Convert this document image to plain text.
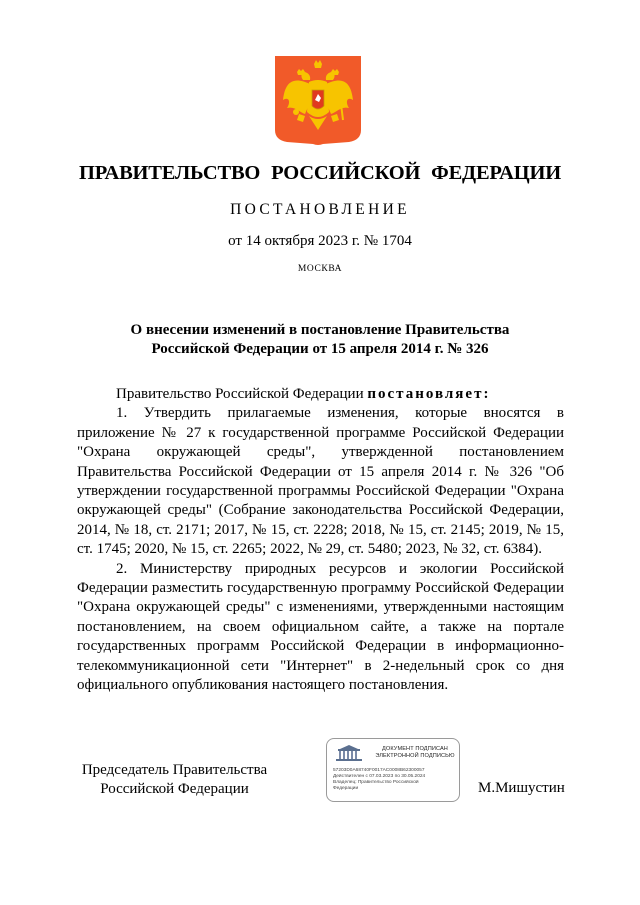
ПРАВИТЕЛЬСТВО РОССИЙСКОЙ ФЕДЕРАЦИИ
ПОСТАНОВЛЕНИЕ
от 14 октября 2023 г. № 1704
МОСКВА
О внесении изменений в постановление Правительства
Российской Федерации от 15 апреля 2014 г. № 326

Правительство Российской Федерации постановляет:

1. Утвердить прилагаемые изменения, которые вносятся в приложение № 27 к государственной программе Российской Федерации "Охрана окружающей среды", утвержденной постановлением Правительства Российской Федерации от 15 апреля 2014 г. № 326 "Об утверждении государственной программы Российской Федерации "Охрана окружающей среды" (Собрание законодательства Российской Федерации, 2014, № 18, ст. 2171; 2017, № 15, ст. 2228; 2018, № 15, ст. 2145; 2019, № 15, ст. 1745; 2020, № 15, ст. 2265; 2022, № 29, ст. 5480; 2023, № 32, ст. 6384).

2. Министерству природных ресурсов и экологии Российской Федерации разместить государственную программу Российской Федерации "Охрана окружающей среды" с изменениями, утвержденными настоящим постановлением, на своем официальном сайте, а также на портале государственных программ Российской Федерации в информационно-телекоммуникационной сети "Интернет" в 2-недельный срок со дня официального опубликования настоящего постановления.

Председатель Правительства
Российской Федерации
ДОКУМЕНТ ПОДПИСАН
ЭЛЕКТРОННОЙ ПОДПИСЬЮ
57203D0A68740F0017AC0008B62300057
Действителен с 07.03.2023 по 30.05.2024
Владелец: Правительство Российской
Федерации	М.Мишустин
